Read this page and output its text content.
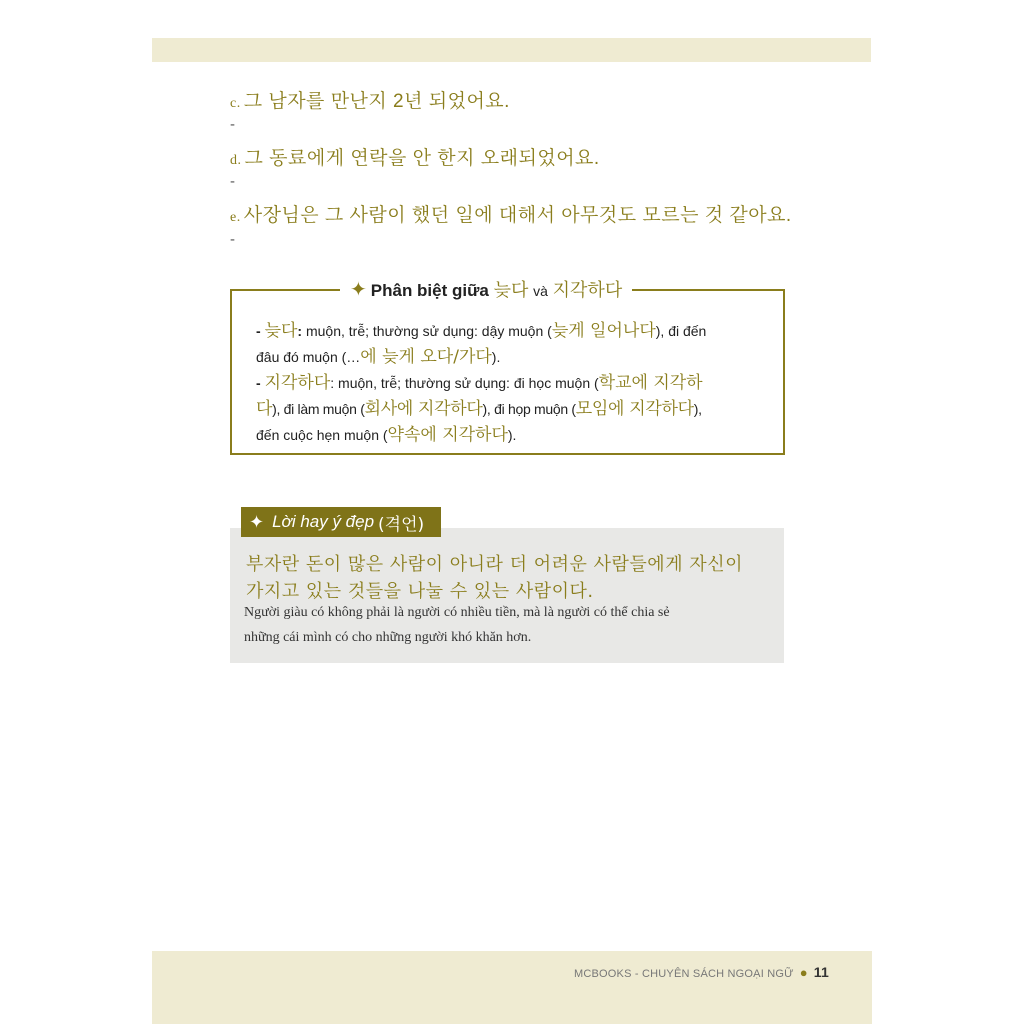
c. 그 남자를 만난지 2년 되었어요.
-
d. 그 동료에게 연락을 안 한지 오래되었어요.
-
e. 사장님은 그 사람이 했던 일에 대해서 아무것도 모르는 것 같아요.
-
✦ Phân biệt giữa 늦다 và 지각하다
- 늦다: muộn, trễ; thường sử dụng: dậy muộn (늦게 일어나다), đi đến
đâu đó muộn (…에 늦게 오다/가다).
- 지각하다: muộn, trễ; thường sử dụng: đi học muộn (학교에 지각하
다), đi làm muộn (회사에 지각하다), đi họp muộn (모임에 지각하다),
đến cuộc hẹn muộn (약속에 지각하다).
✦ Lời hay ý đẹp (격언)
부자란 돈이 많은 사람이 아니라 더 어려운 사람들에게 자신이
가지고 있는 것들을 나눌 수 있는 사람이다.
Người giàu có không phải là người có nhiều tiền, mà là người có thể chia sẻ
những cái mình có cho những người khó khăn hơn.
MCBOOKS - CHUYÊN SÁCH NGOẠI NGỮ ● 11
